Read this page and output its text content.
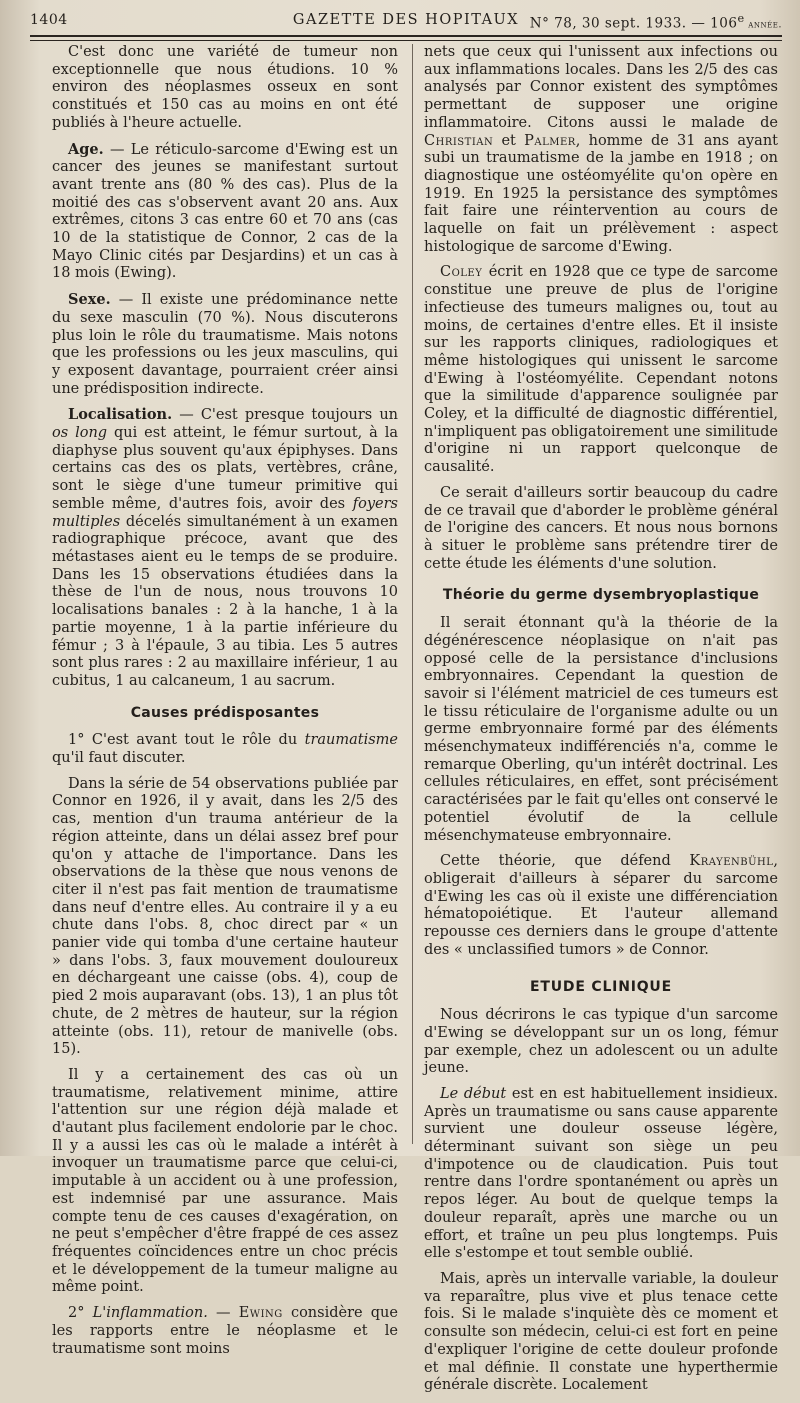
1404	GAZETTE DES HOPITAUX N° 78, 30 sept. 1933. — 106e année.

C'est donc une variété de tumeur non exceptionnelle que nous étudions. 10 % environ des néoplasmes osseux en sont constitués et 150 cas au moins en ont été publiés à l'heure actuelle.

Age. — Le réticulo-sarcome d'Ewing est un cancer des jeunes se manifestant surtout avant trente ans (80 % des cas). Plus de la moitié des cas s'observent avant 20 ans. Aux extrêmes, citons 3 cas entre 60 et 70 ans (cas 10 de la statistique de Connor, 2 cas de la Mayo Clinic cités par Desjardins) et un cas à 18 mois (Ewing).

Sexe. — Il existe une prédominance nette du sexe masculin (70 %). Nous discuterons plus loin le rôle du traumatisme. Mais notons que les professions ou les jeux masculins, qui y exposent davantage, pourraient créer ainsi une prédisposition indirecte.

Localisation. — C'est presque toujours un os long qui est atteint, le fémur surtout, à la diaphyse plus souvent qu'aux épiphyses. Dans certains cas des os plats, vertèbres, crâne, sont le siège d'une tumeur primitive qui semble même, d'autres fois, avoir des foyers multiples décelés simultanément à un examen radiographique précoce, avant que des métastases aient eu le temps de se produire. Dans les 15 observations étudiées dans la thèse de l'un de nous, nous trouvons 10 localisations banales : 2 à la hanche, 1 à la partie moyenne, 1 à la partie inférieure du fémur ; 3 à l'épaule, 3 au tibia. Les 5 autres sont plus rares : 2 au maxillaire inférieur, 1 au cubitus, 1 au calcaneum, 1 au sacrum.

Causes prédisposantes

1° C'est avant tout le rôle du traumatisme qu'il faut discuter.

Dans la série de 54 observations publiée par Connor en 1926, il y avait, dans les 2/5 des cas, mention d'un trauma antérieur de la région atteinte, dans un délai assez bref pour qu'on y attache de l'importance. Dans les observations de la thèse que nous venons de citer il n'est pas fait mention de traumatisme dans neuf d'entre elles. Au contraire il y a eu chute dans l'obs. 8, choc direct par « un panier vide qui tomba d'une certaine hauteur » dans l'obs. 3, faux mouvement douloureux en déchargeant une caisse (obs. 4), coup de pied 2 mois auparavant (obs. 13), 1 an plus tôt chute, de 2 mètres de hauteur, sur la région atteinte (obs. 11), retour de manivelle (obs. 15).

Il y a certainement des cas où un traumatisme, relativement minime, attire l'attention sur une région déjà malade et d'autant plus facilement endolorie par le choc. Il y a aussi les cas où le malade a intérêt à invoquer un traumatisme parce que celui-ci, imputable à un accident ou à une profession, est indemnisé par une assurance. Mais compte tenu de ces causes d'exagération, on ne peut s'empêcher d'être frappé de ces assez fréquentes coïncidences entre un choc précis et le développement de la tumeur maligne au même point.

2° L'inflammation. — Ewing considère que les rapports entre le néoplasme et le traumatisme sont moins

nets que ceux qui l'unissent aux infections ou aux inflammations locales. Dans les 2/5 des cas analysés par Connor existent des symptômes permettant de supposer une origine inflammatoire. Citons aussi le malade de Christian et Palmer, homme de 31 ans ayant subi un traumatisme de la jambe en 1918 ; on diagnostique une ostéomyélite qu'on opère en 1919. En 1925 la persistance des symptômes fait faire une réintervention au cours de laquelle on fait un prélèvement : aspect histologique de sarcome d'Ewing.

Coley écrit en 1928 que ce type de sarcome constitue une preuve de plus de l'origine infectieuse des tumeurs malignes ou, tout au moins, de certaines d'entre elles. Et il insiste sur les rapports cliniques, radiologiques et même histologiques qui unissent le sarcome d'Ewing à l'ostéomyélite. Cependant notons que la similitude d'apparence soulignée par Coley, et la difficulté de diagnostic différentiel, n'impliquent pas obligatoirement une similitude d'origine ni un rapport quelconque de causalité.

Ce serait d'ailleurs sortir beaucoup du cadre de ce travail que d'aborder le problème général de l'origine des cancers. Et nous nous bornons à situer le problème sans prétendre tirer de cette étude les éléments d'une solution.

Théorie du germe dysembryoplastique

Il serait étonnant qu'à la théorie de la dégénérescence néoplasique on n'ait pas opposé celle de la persistance d'inclusions embryonnaires. Cependant la question de savoir si l'élément matriciel de ces tumeurs est le tissu réticulaire de l'organisme adulte ou un germe embryonnaire formé par des éléments mésenchymateux indifférenciés n'a, comme le remarque Oberling, qu'un intérêt doctrinal. Les cellules réticulaires, en effet, sont précisément caractérisées par le fait qu'elles ont conservé le potentiel évolutif de la cellule mésenchymateuse embryonnaire.

Cette théorie, que défend Krayenbühl, obligerait d'ailleurs à séparer du sarcome d'Ewing les cas où il existe une différenciation hématopoiétique. Et l'auteur allemand repousse ces derniers dans le groupe d'attente des « unclassified tumors » de Connor.

ETUDE CLINIQUE

Nous décrirons le cas typique d'un sarcome d'Ewing se développant sur un os long, fémur par exemple, chez un adolescent ou un adulte jeune.

Le début est en est habituellement insidieux. Après un traumatisme ou sans cause apparente survient une douleur osseuse légère, déterminant suivant son siège un peu d'impotence ou de claudication. Puis tout rentre dans l'ordre spontanément ou après un repos léger. Au bout de quelque temps la douleur reparaît, après une marche ou un effort, et traîne un peu plus longtemps. Puis elle s'estompe et tout semble oublié.

Mais, après un intervalle variable, la douleur va reparaître, plus vive et plus tenace cette fois. Si le malade s'inquiète dès ce moment et consulte son médecin, celui-ci est fort en peine d'expliquer l'origine de cette douleur profonde et mal définie. Il constate une hyperthermie générale discrète. Localement
